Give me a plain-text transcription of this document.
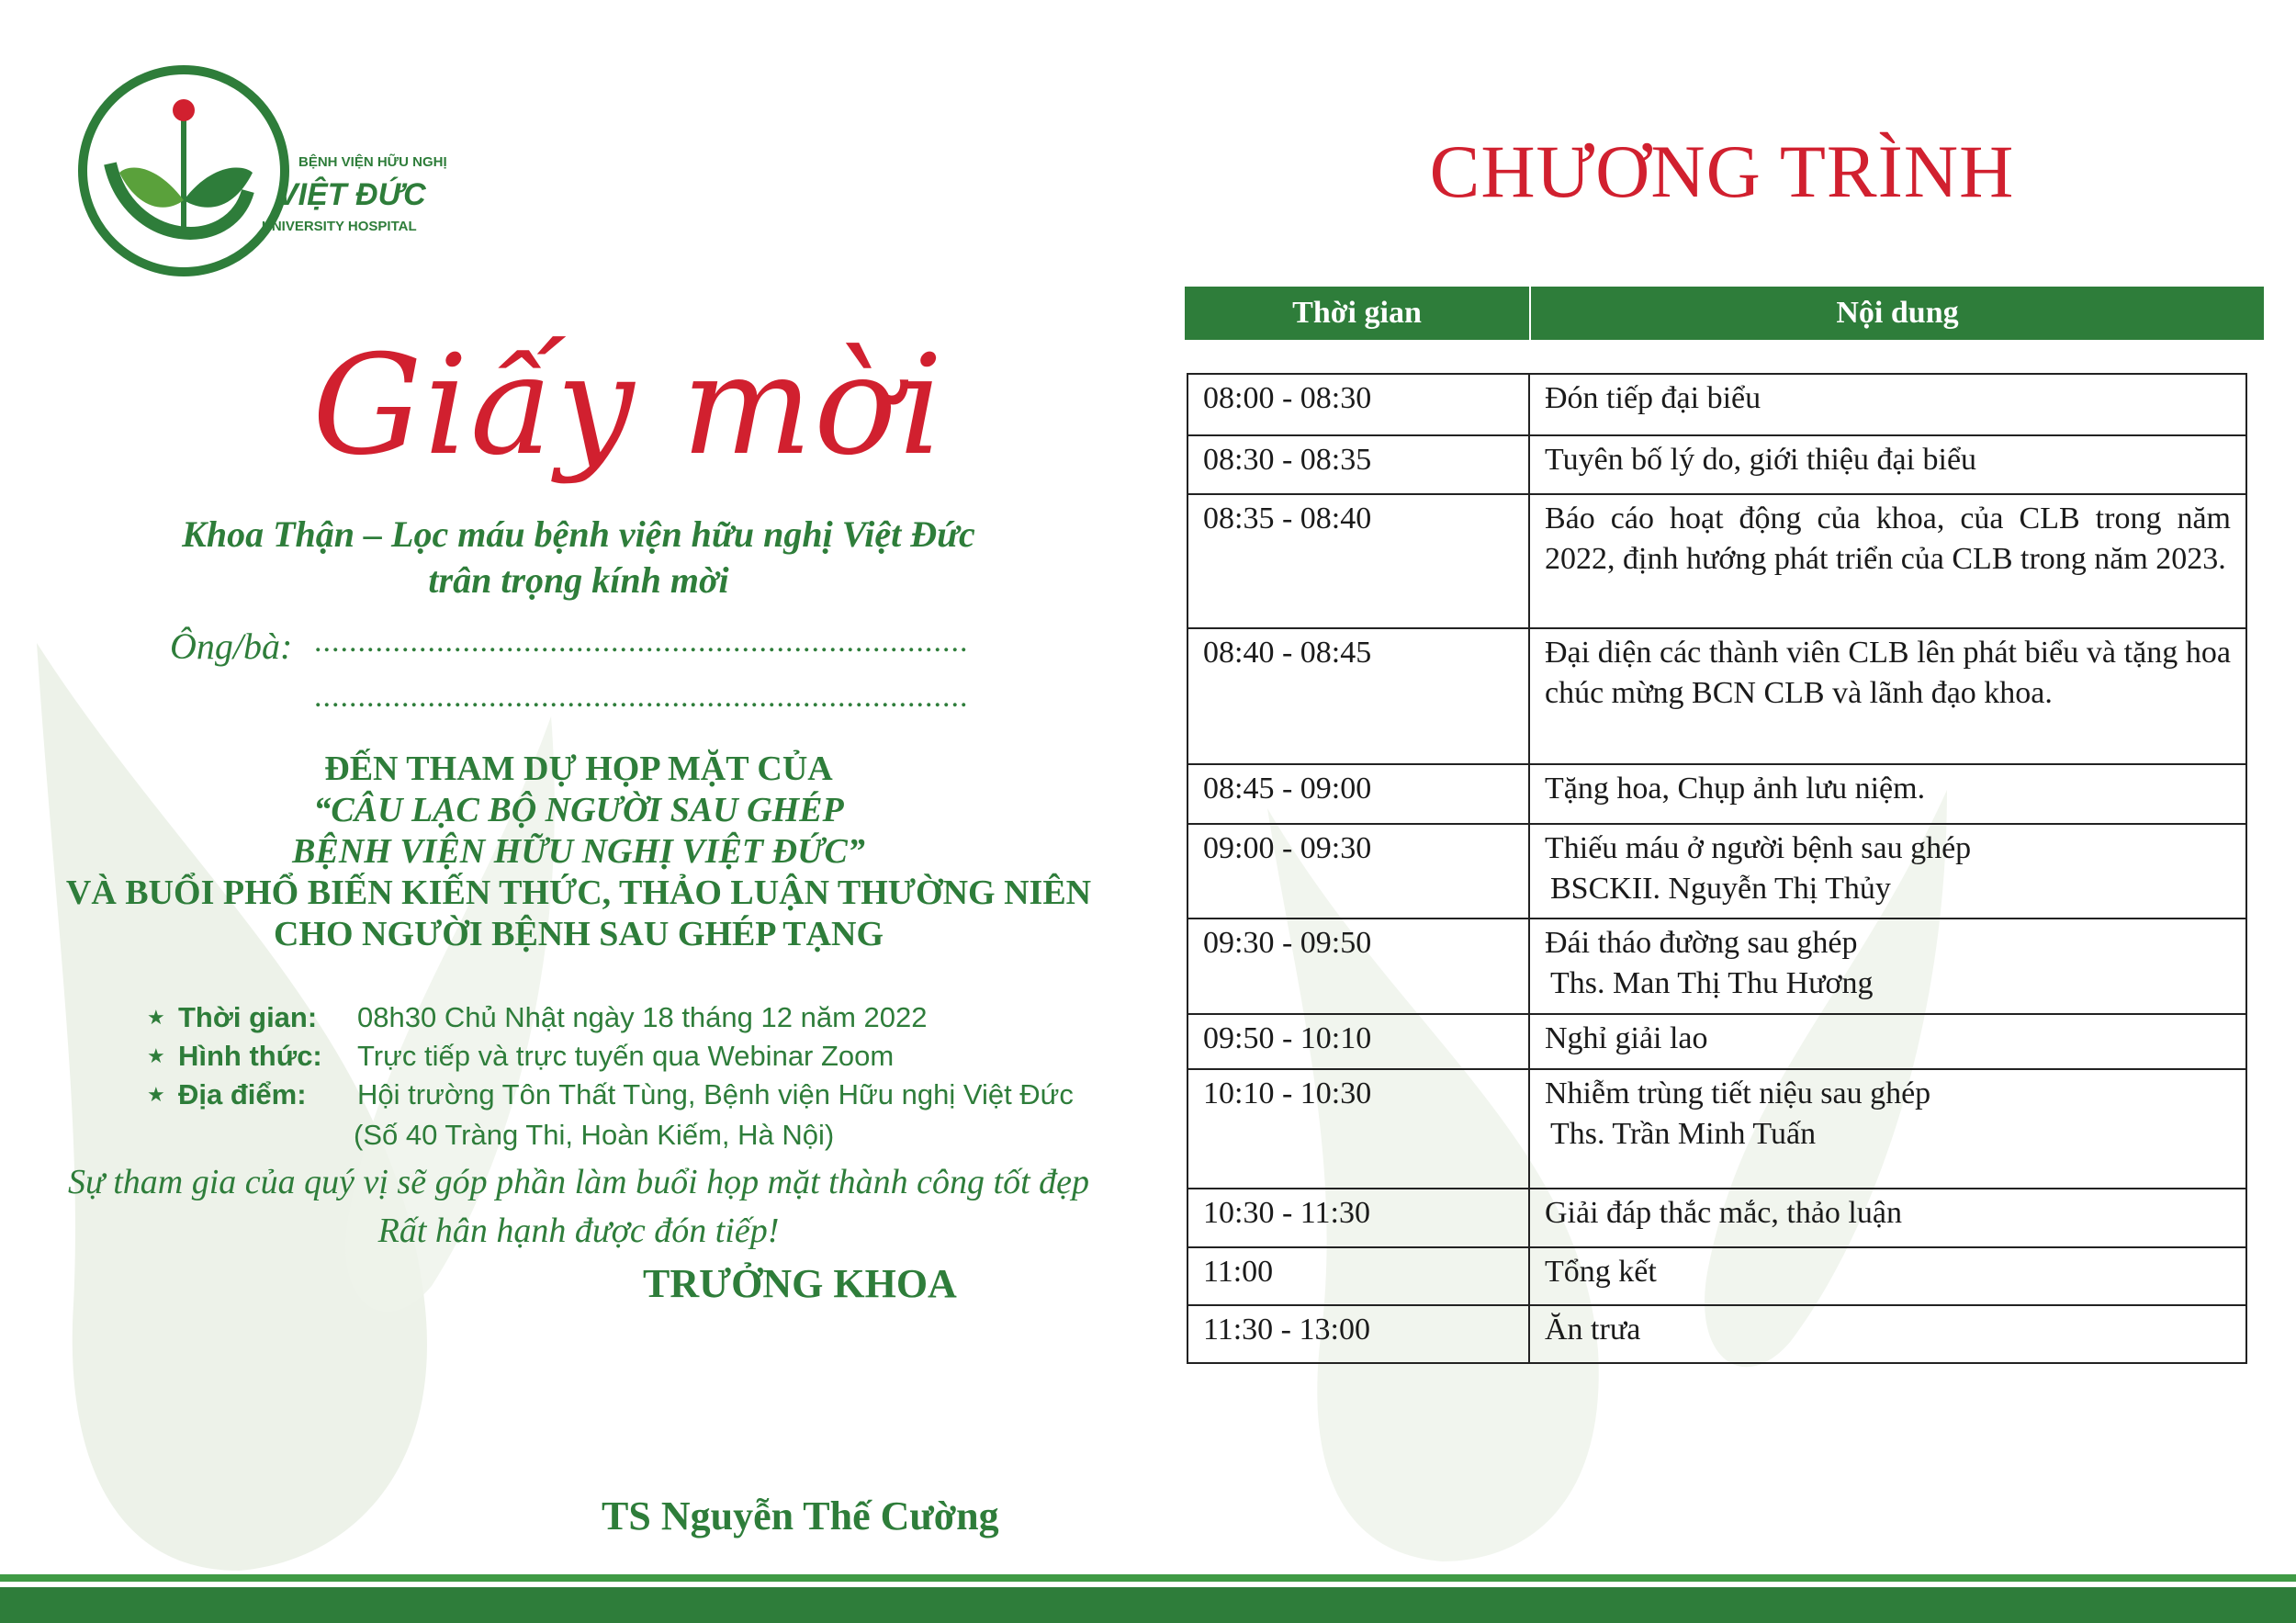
BỆNH VIỆN HỮU NGHỊ
VIỆT ĐỨC
UNIVERSITY HOSPITAL
Giấy mời
Khoa Thận – Lọc máu bệnh viện hữu nghị Việt Đức
trân trọng kính mời
Ông/bà: ...........................................................................
...........................................................................
ĐẾN THAM DỰ HỌP MẶT CỦA
“CÂU LẠC BỘ NGƯỜI SAU GHÉP
BỆNH VIỆN HỮU NGHỊ VIỆT ĐỨC”
VÀ BUỔI PHỔ BIẾN KIẾN THỨC, THẢO LUẬN THƯỜNG NIÊN
CHO NGƯỜI BỆNH SAU GHÉP TẠNG
★ Thời gian: 08h30 Chủ Nhật ngày 18 tháng 12 năm 2022
★ Hình thức: Trực tiếp và trực tuyến qua Webinar Zoom
★ Địa điểm: Hội trường Tôn Thất Tùng, Bệnh viện Hữu nghị Việt Đức
(Số 40 Tràng Thi, Hoàn Kiếm, Hà Nội)
Sự tham gia của quý vị sẽ góp phần làm buổi họp mặt thành công tốt đẹp
Rất hân hạnh được đón tiếp!
TRƯỞNG KHOA
TS Nguyễn Thế Cường
CHƯƠNG TRÌNH
Thời gian	Nội dung
08:00 - 08:30	Đón tiếp đại biểu
08:30 - 08:35	Tuyên bố lý do, giới thiệu đại biểu
08:35 - 08:40	Báo cáo hoạt động của khoa, của CLB trong năm 2022, định hướng phát triển của CLB trong năm 2023.
08:40 - 08:45	Đại diện các thành viên CLB lên phát biểu và tặng hoa chúc mừng BCN CLB và lãnh đạo khoa.
08:45 - 09:00	Tặng hoa, Chụp ảnh lưu niệm.
09:00 - 09:30	Thiếu máu ở người bệnh sau ghép
BSCKII. Nguyễn Thị Thủy

09:30 - 09:50	Đái tháo đường sau ghép
Ths. Man Thị Thu Hương

09:50 - 10:10	Nghỉ giải lao
10:10 - 10:30	Nhiễm trùng tiết niệu sau ghép
Ths. Trần Minh Tuấn

10:30 - 11:30	Giải đáp thắc mắc, thảo luận
11:00	Tổng kết
11:30 - 13:00	Ăn trưa
